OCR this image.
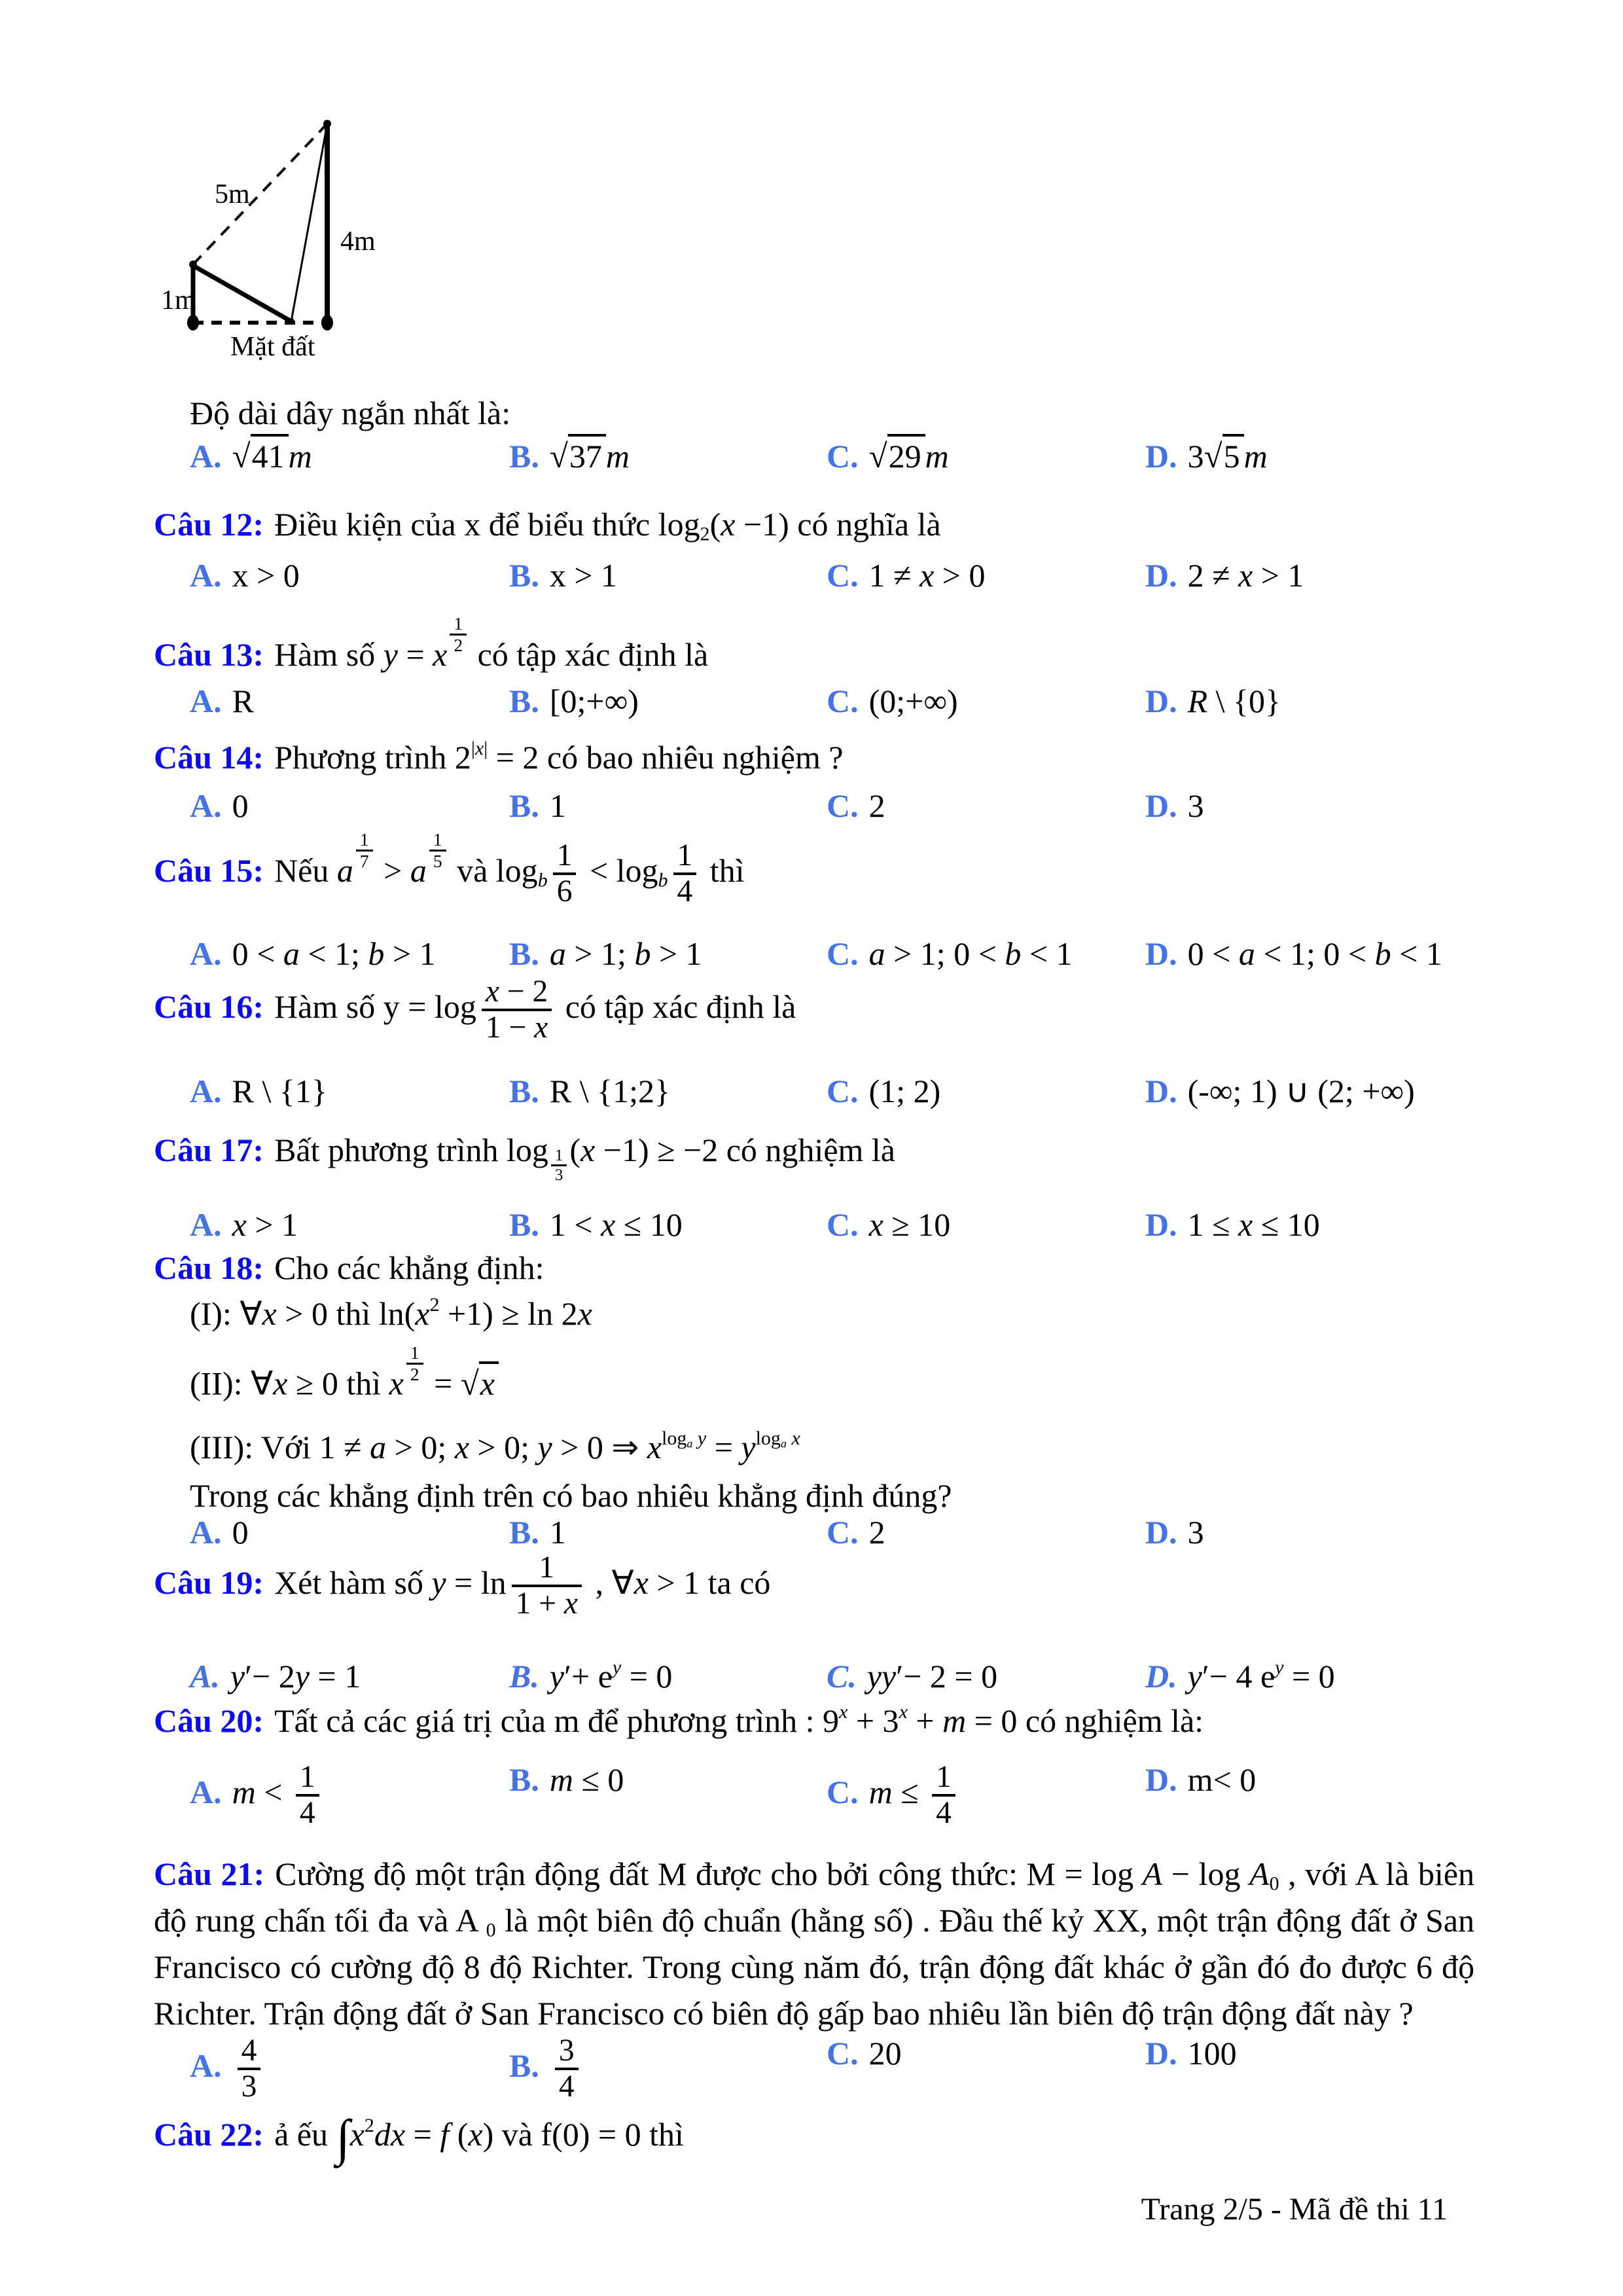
5m
4m
1m
Mặt đất
Độ dài dây ngắn nhất là:
A. √41 m	B. √37 m	C. √29 m	D. 3√5 m
Câu 12: Điều kiện của x để biểu thức $\log_2(x -1)$ có nghĩa là
A. x > 0	B. x > 1	C. 1 ≠ x > 0	D. 2 ≠ x > 1
Câu 13: Hàm số y = x $\frac{1}{2}$ có tập xác định là
A. R	B. [0;+∞)	C. (0;+∞)	D. R \ {0}
Câu 14: Phương trình $2^{|x|} = 2$ có bao nhiêu nghiệm ?
A. 0	B. 1	C. 2	D. 3
Câu 15: Nếu a $\frac{1}{7} > a \frac{1}{5}$ và $\log_b \frac{1}{6} < \log_b \frac{1}{4}$ thì
A. 0 < a < 1; b > 1 B. a > 1; b > 1	C. a > 1; 0 < b < 1 D. 0 < a < 1; 0 < b < 1
Câu 16: Hàm số $y = \log \frac{x - 2}{1 - x}$ có tập xác định là
A. R \ {1}	B. R \ {1;2}	C. (1; 2)	D. (-∞; 1) ∪ (2; +∞)
Câu 17: Bất phương trình $\log \frac{1}{3} (x -1) \ge -2$ có nghiệm là
A. x > 1	B. 1 < x ≤ 10	C. x ≥ 10	D. 1 ≤ x ≤ 10
Câu 18: Cho các khẳng định:
(I): ∀x > 0 thì $\ln(x^2 +1) \ge \ln 2x$
(II): ∀x ≥ 0 thì x $\frac{1}{2} = √x$
(III): Với 1 ≠ a > 0; x > 0; y > 0 ⇒ $x^{log_a y} = y^{log_a x}$
Trong các khẳng định trên có bao nhiêu khẳng định đúng?
A. 0	B. 1	C. 2	D. 3
Câu 19: Xét hàm số $y = \ln \frac{1}{1 + x}$ , ∀x > 1 ta có
A. y′− 2y = 1	B. $y'+ e^y = 0$	C. yy′− 2 = 0	D. y′− 4 $e^y = 0$
Câu 20: Tất cả các giá trị của m để phương trình : $9^x + 3^x + m = 0$ có nghiệm là:
A. $m < \frac{1}{4}$	B. m ≤ 0	C. $m \le \frac{1}{4}$	D. m< 0
Câu 21: Cường độ một trận động đất M được cho bởi công thức: $M = \log A - \log A_0$ , với A là biên độ rung chấn tối đa và A $_0$ là một biên độ chuẩn (hằng số) . Đầu thế kỷ XX, một trận động đất ở San Francisco có cường độ 8 độ Richter. Trong cùng năm đó, trận động đất khác ở gần đó đo được 6 độ Richter. Trận động đất ở San Francisco có biên độ gấp bao nhiêu lần biên độ trận động đất này ?
A. $\frac{4}{3}$	B. $\frac{3}{4}$	C. 20	D. 100
Câu 22: ả ếu $\int x^2dx = f$ (x) và f(0) = 0 thì
Trang 2/5 - Mã đề thi 11
